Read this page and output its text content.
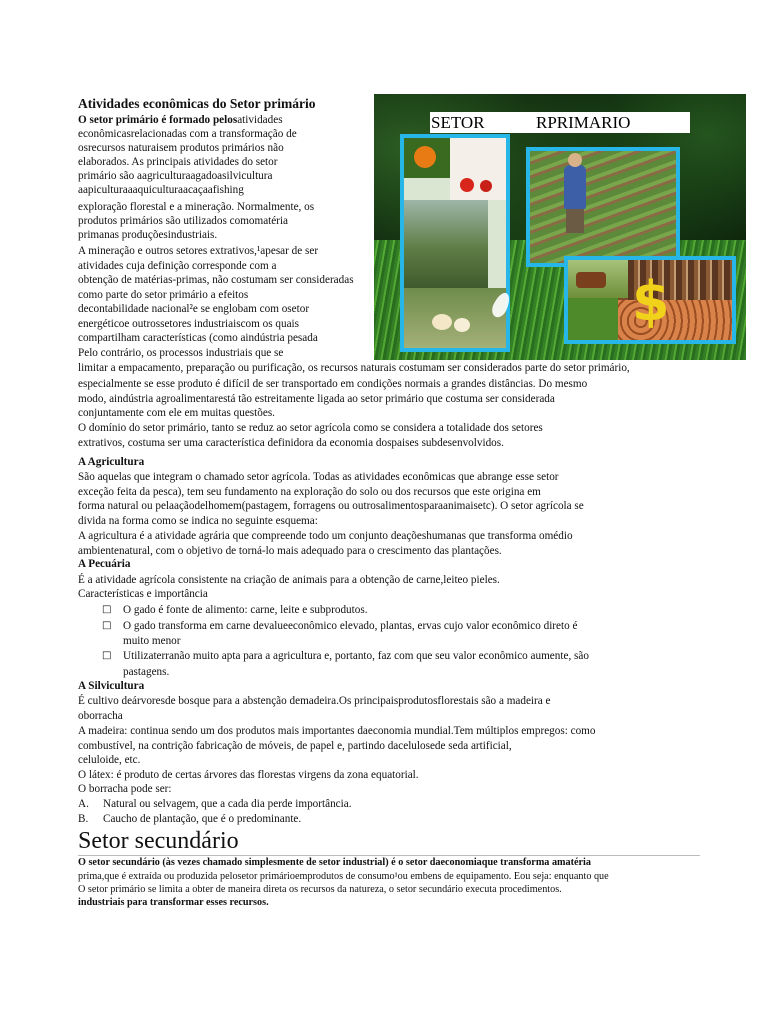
Atividades econômicas do Setor primário
SETOR	RPRIMARIO
$
O setor primário é formado pelosatividades
econômicasrelacionadas com a transformação de
osrecursos naturaisem produtos primários não
elaborados. As principais atividades do setor
primário são aagriculturaagadoasilvicultura
aapiculturaaaquiculturaacaçaafishing
exploração florestal e a mineração. Normalmente, os
produtos primários são utilizados comomatéria
primanas produçõesindustriais.
A mineração e outros setores extrativos,¹apesar de ser
atividades cuja definição corresponde com a
obtenção de matérias-primas, não costumam ser consideradas
como parte do setor primário a efeitos
decontabilidade nacional²e se englobam com osetor
energéticoe outrossetores industriaiscom os quais
compartilham características (como aindústria pesada
Pelo contrário, os processos industriais que se
limitar a empacamento, preparação ou purificação, os recursos naturais costumam ser considerados parte do setor primário,
especialmente se esse produto é difícil de ser transportado em condições normais a grandes distâncias. Do mesmo
modo, aindústria agroalimentarestá tão estreitamente ligada ao setor primário que costuma ser considerada
conjuntamente com ele em muitas questões.
O domínio do setor primário, tanto se reduz ao setor agrícola como se considera a totalidade dos setores
extrativos, costuma ser uma característica definidora da economia dospaises subdesenvolvidos.
A Agricultura
São aquelas que integram o chamado setor agrícola. Todas as atividades econômicas que abrange esse setor
exceção feita da pesca), tem seu fundamento na exploração do solo ou dos recursos que este origina em
forma natural ou pelaaçãodelhomem(pastagem, forragens ou outrosalimentosparaanimaisetc). O setor agrícola se
divida na forma como se indica no seguinte esquema:
A agricultura é a atividade agrária que compreende todo um conjunto deaçõeshumanas que transforma omédio
ambientenatural, com o objetivo de torná-lo mais adequado para o crescimento das plantações.
A Pecuária
É a atividade agrícola consistente na criação de animais para a obtenção de carne,leiteo pieles.
Características e importância
□ O gado é fonte de alimento: carne, leite e subprodutos.
□ O gado transforma em carne devalueeconômico elevado, plantas, ervas cujo valor econômico direto é
muito menor
□ Utilizaterranão muito apta para a agricultura e, portanto, faz com que seu valor econômico aumente, são
pastagens.
A Silvicultura
É cultivo deárvoresde bosque para a abstenção demadeira.Os principaisprodutosflorestais são a madeira e
oborracha
A madeira: continua sendo um dos produtos mais importantes daeconomia mundial.Tem múltiplos empregos: como
combustível, na contrição fabricação de móveis, de papel e, partindo dacelulosede seda artificial,
celuloide, etc.
O látex: é produto de certas árvores das florestas virgens da zona equatorial.
O borracha pode ser:
A. Natural ou selvagem, que a cada dia perde importância.
B. Caucho de plantação, que é o predominante.
Setor secundário
O setor secundário (às vezes chamado simplesmente de setor industrial) é o setor daeconomiaque transforma amatéria
prima,que é extraída ou produzida pelosetor primárioemprodutos de consumo¹ou embens de equipamento. Eou seja: enquanto que
O setor primário se limita a obter de maneira direta os recursos da natureza, o setor secundário executa procedimentos.
industriais para transformar esses recursos.
